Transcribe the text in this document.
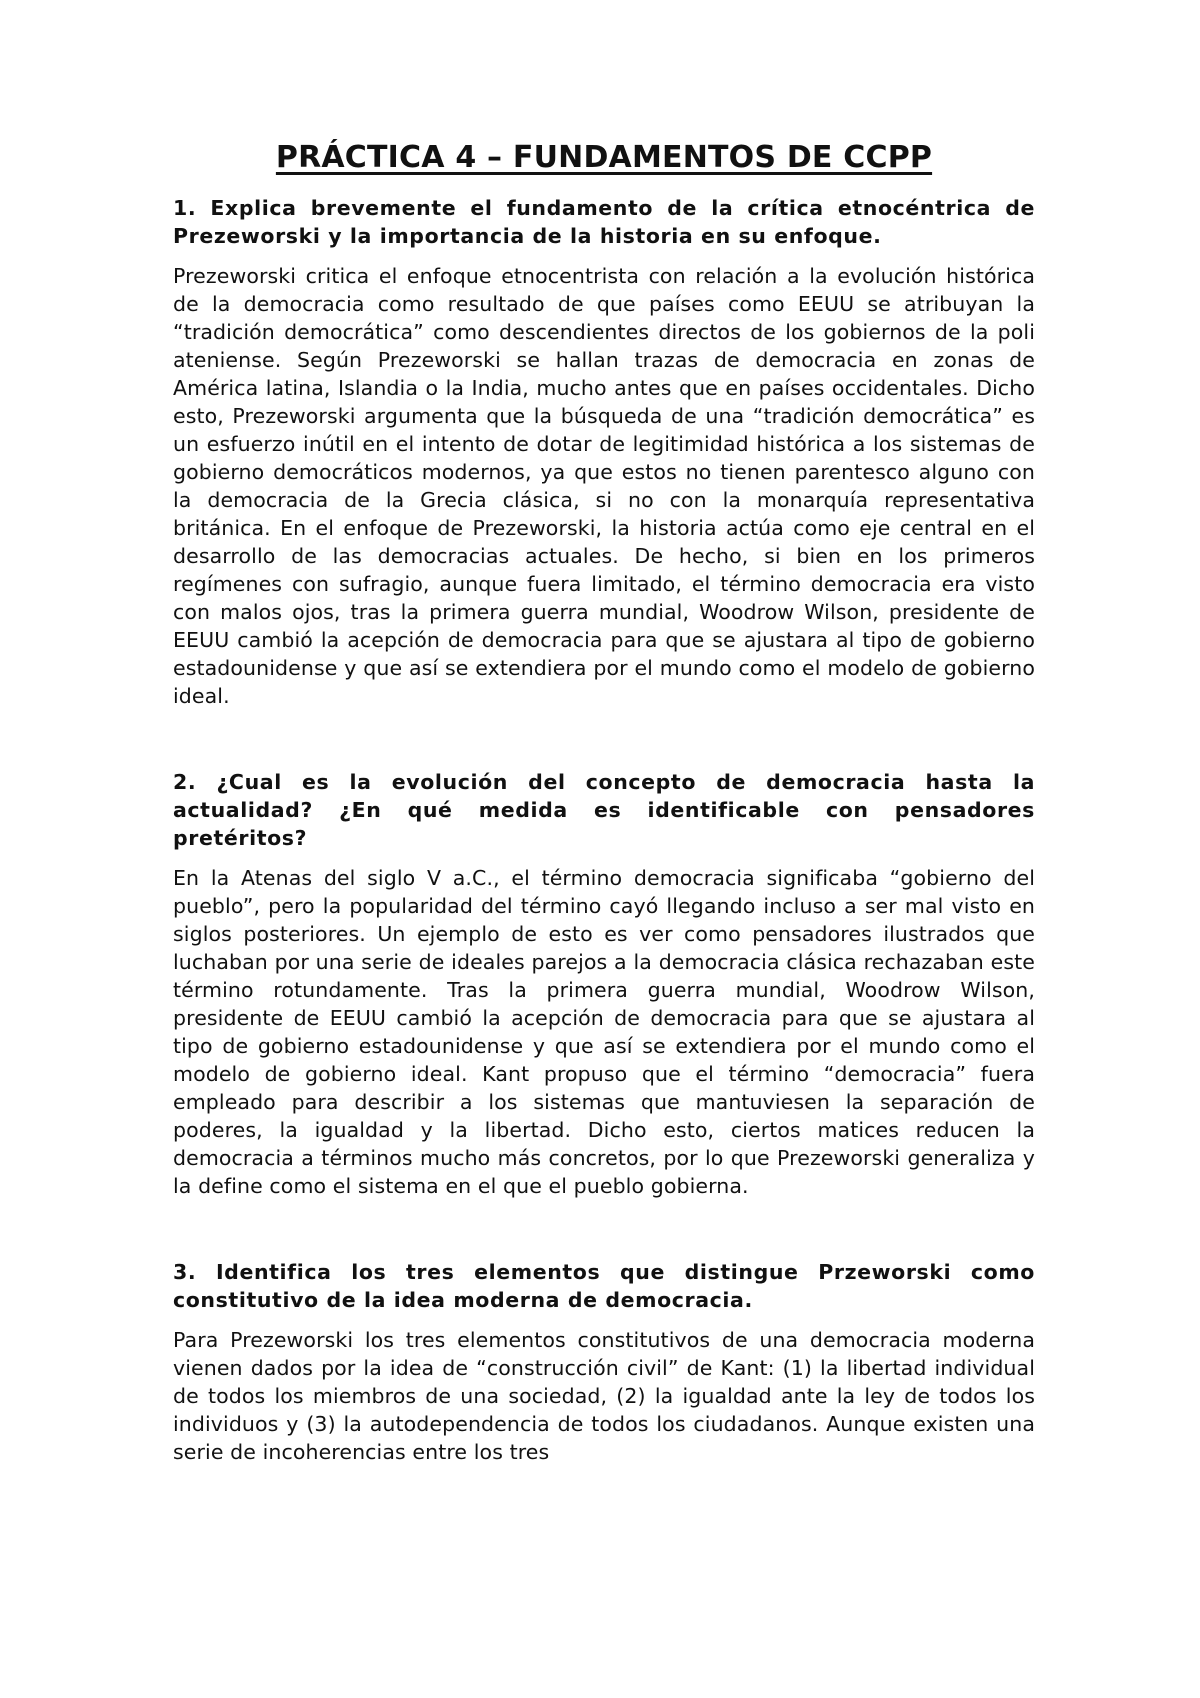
PRÁCTICA 4 – FUNDAMENTOS DE CCPP

1. Explica brevemente el fundamento de la crítica etnocéntrica de Prezeworski y la importancia de la historia en su enfoque.

Prezeworski critica el enfoque etnocentrista con relación a la evolución histórica de la democracia como resultado de que países como EEUU se atribuyan la “tradición democrática” como descendientes directos de los gobiernos de la poli ateniense. Según Prezeworski se hallan trazas de democracia en zonas de América latina, Islandia o la India, mucho antes que en países occidentales. Dicho esto, Prezeworski argumenta que la búsqueda de una “tradición democrática” es un esfuerzo inútil en el intento de dotar de legitimidad histórica a los sistemas de gobierno democráticos modernos, ya que estos no tienen parentesco alguno con la democracia de la Grecia clásica, si no con la monarquía representativa británica. En el enfoque de Prezeworski, la historia actúa como eje central en el desarrollo de las democracias actuales. De hecho, si bien en los primeros regímenes con sufragio, aunque fuera limitado, el término democracia era visto con malos ojos, tras la primera guerra mundial, Woodrow Wilson, presidente de EEUU cambió la acepción de democracia para que se ajustara al tipo de gobierno estadounidense y que así se extendiera por el mundo como el modelo de gobierno ideal.

2. ¿Cual es la evolución del concepto de democracia hasta la actualidad? ¿En qué medida es identificable con pensadores pretéritos?

En la Atenas del siglo V a.C., el término democracia significaba “gobierno del pueblo”, pero la popularidad del término cayó llegando incluso a ser mal visto en siglos posteriores. Un ejemplo de esto es ver como pensadores ilustrados que luchaban por una serie de ideales parejos a la democracia clásica rechazaban este término rotundamente. Tras la primera guerra mundial, Woodrow Wilson, presidente de EEUU cambió la acepción de democracia para que se ajustara al tipo de gobierno estadounidense y que así se extendiera por el mundo como el modelo de gobierno ideal. Kant propuso que el término “democracia” fuera empleado para describir a los sistemas que mantuviesen la separación de poderes, la igualdad y la libertad. Dicho esto, ciertos matices reducen la democracia a términos mucho más concretos, por lo que Prezeworski generaliza y la define como el sistema en el que el pueblo gobierna.

3. Identifica los tres elementos que distingue Przeworski como constitutivo de la idea moderna de democracia.

Para Prezeworski los tres elementos constitutivos de una democracia moderna vienen dados por la idea de “construcción civil” de Kant: (1) la libertad individual de todos los miembros de una sociedad, (2) la igualdad ante la ley de todos los individuos y (3) la autodependencia de todos los ciudadanos. Aunque existen una serie de incoherencias entre los tres
